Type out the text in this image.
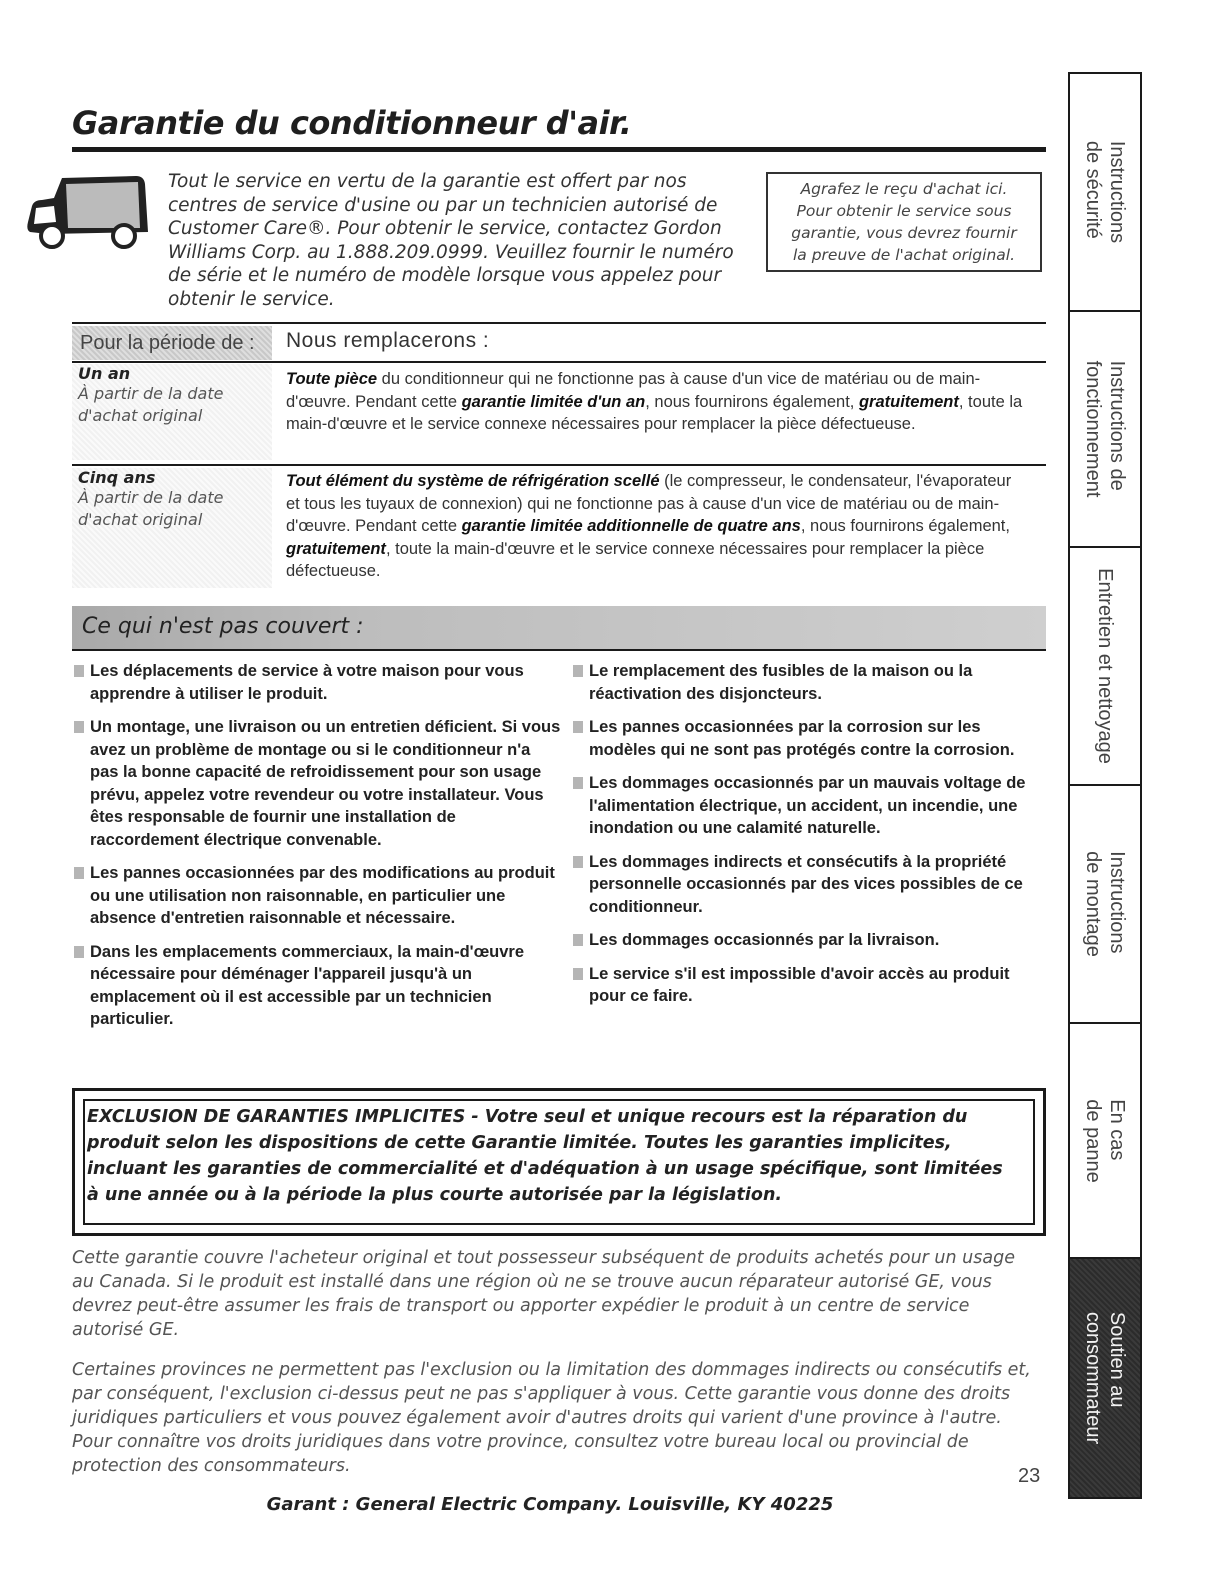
Garantie du conditionneur d'air.
Tout le service en vertu de la garantie est offert par nos centres de service d'usine ou par un technicien autorisé de Customer Care®. Pour obtenir le service, contactez Gordon Williams Corp. au 1.888.209.0999. Veuillez fournir le numéro de série et le numéro de modèle lorsque vous appelez pour obtenir le service.
Agrafez le reçu d'achat ici.
Pour obtenir le service sous
garantie, vous devrez fournir
la preuve de l'achat original.
Pour la période de :	Nous remplacerons :
Un an
À partir de la date
d'achat original
Toute pièce du conditionneur qui ne fonctionne pas à cause d'un vice de matériau ou de main-d'œuvre. Pendant cette garantie limitée d'un an, nous fournirons également, gratuitement, toute la main-d'œuvre et le service connexe nécessaires pour remplacer la pièce défectueuse.
Cinq ans
À partir de la date
d'achat original
Tout élément du système de réfrigération scellé (le compresseur, le condensateur, l'évaporateur et tous les tuyaux de connexion) qui ne fonctionne pas à cause d'un vice de matériau ou de main-d'œuvre. Pendant cette garantie limitée additionnelle de quatre ans, nous fournirons également, gratuitement, toute la main-d'œuvre et le service connexe nécessaires pour remplacer la pièce défectueuse.
Ce qui n'est pas couvert :
Les déplacements de service à votre maison pour vous apprendre à utiliser le produit.
Un montage, une livraison ou un entretien déficient. Si vous avez un problème de montage ou si le conditionneur n'a pas la bonne capacité de refroidissement pour son usage prévu, appelez votre revendeur ou votre installateur. Vous êtes responsable de fournir une installation de raccordement électrique convenable.
Les pannes occasionnées par des modifications au produit ou une utilisation non raisonnable, en particulier une absence d'entretien raisonnable et nécessaire.
Dans les emplacements commerciaux, la main-d'œuvre nécessaire pour déménager l'appareil jusqu'à un emplacement où il est accessible par un technicien particulier.
Le remplacement des fusibles de la maison ou la réactivation des disjoncteurs.
Les pannes occasionnées par la corrosion sur les modèles qui ne sont pas protégés contre la corrosion.
Les dommages occasionnés par un mauvais voltage de l'alimentation électrique, un accident, un incendie, une inondation ou une calamité naturelle.
Les dommages indirects et consécutifs à la propriété personnelle occasionnés par des vices possibles de ce conditionneur.
Les dommages occasionnés par la livraison.
Le service s'il est impossible d'avoir accès au produit pour ce faire.
EXCLUSION DE GARANTIES IMPLICITES - Votre seul et unique recours est la réparation du produit selon les dispositions de cette Garantie limitée. Toutes les garanties implicites, incluant les garanties de commercialité et d'adéquation à un usage spécifique, sont limitées à une année ou à la période la plus courte autorisée par la législation.
Cette garantie couvre l'acheteur original et tout possesseur subséquent de produits achetés pour un usage au Canada. Si le produit est installé dans une région où ne se trouve aucun réparateur autorisé GE, vous devrez peut-être assumer les frais de transport ou apporter expédier le produit à un centre de service autorisé GE.
Certaines provinces ne permettent pas l'exclusion ou la limitation des dommages indirects ou consécutifs et, par conséquent, l'exclusion ci-dessus peut ne pas s'appliquer à vous. Cette garantie vous donne des droits juridiques particuliers et vous pouvez également avoir d'autres droits qui varient d'une province à l'autre. Pour connaître vos droits juridiques dans votre province, consultez votre bureau local ou provincial de protection des consommateurs.	23
Garant : General Electric Company. Louisville, KY 40225
Instructions
de sécurité
Instructions de
fonctionnement
Entretien et nettoyage
Instructions
de montage
En cas
de panne
Soutien au
consommateur
